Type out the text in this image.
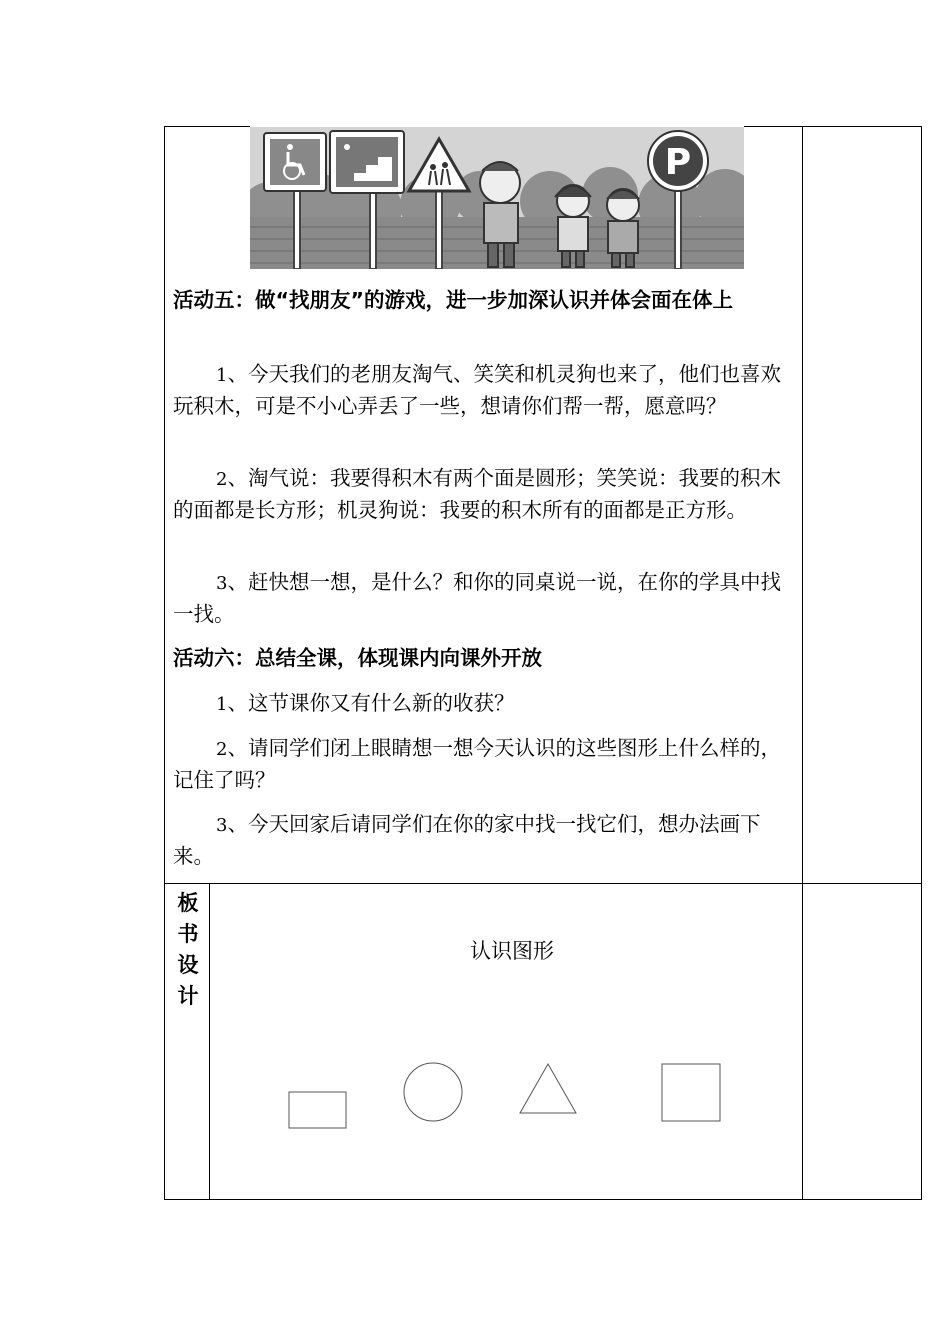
P
活动五：做“找朋友”的游戏，进一步加深认识并体会面在体上
1、今天我们的老朋友淘气、笑笑和机灵狗也来了，他们也喜欢玩积木，可是不小心弄丢了一些，想请你们帮一帮，愿意吗？
2、淘气说：我要得积木有两个面是圆形；笑笑说：我要的积木的面都是长方形；机灵狗说：我要的积木所有的面都是正方形。
3、赶快想一想，是什么？和你的同桌说一说，在你的学具中找一找。
活动六：总结全课，体现课内向课外开放
1、这节课你又有什么新的收获？
2、请同学们闭上眼睛想一想今天认识的这些图形上什么样的，记住了吗？
3、今天回家后请同学们在你的家中找一找它们，想办法画下来。
板
书
设
计
认识图形
